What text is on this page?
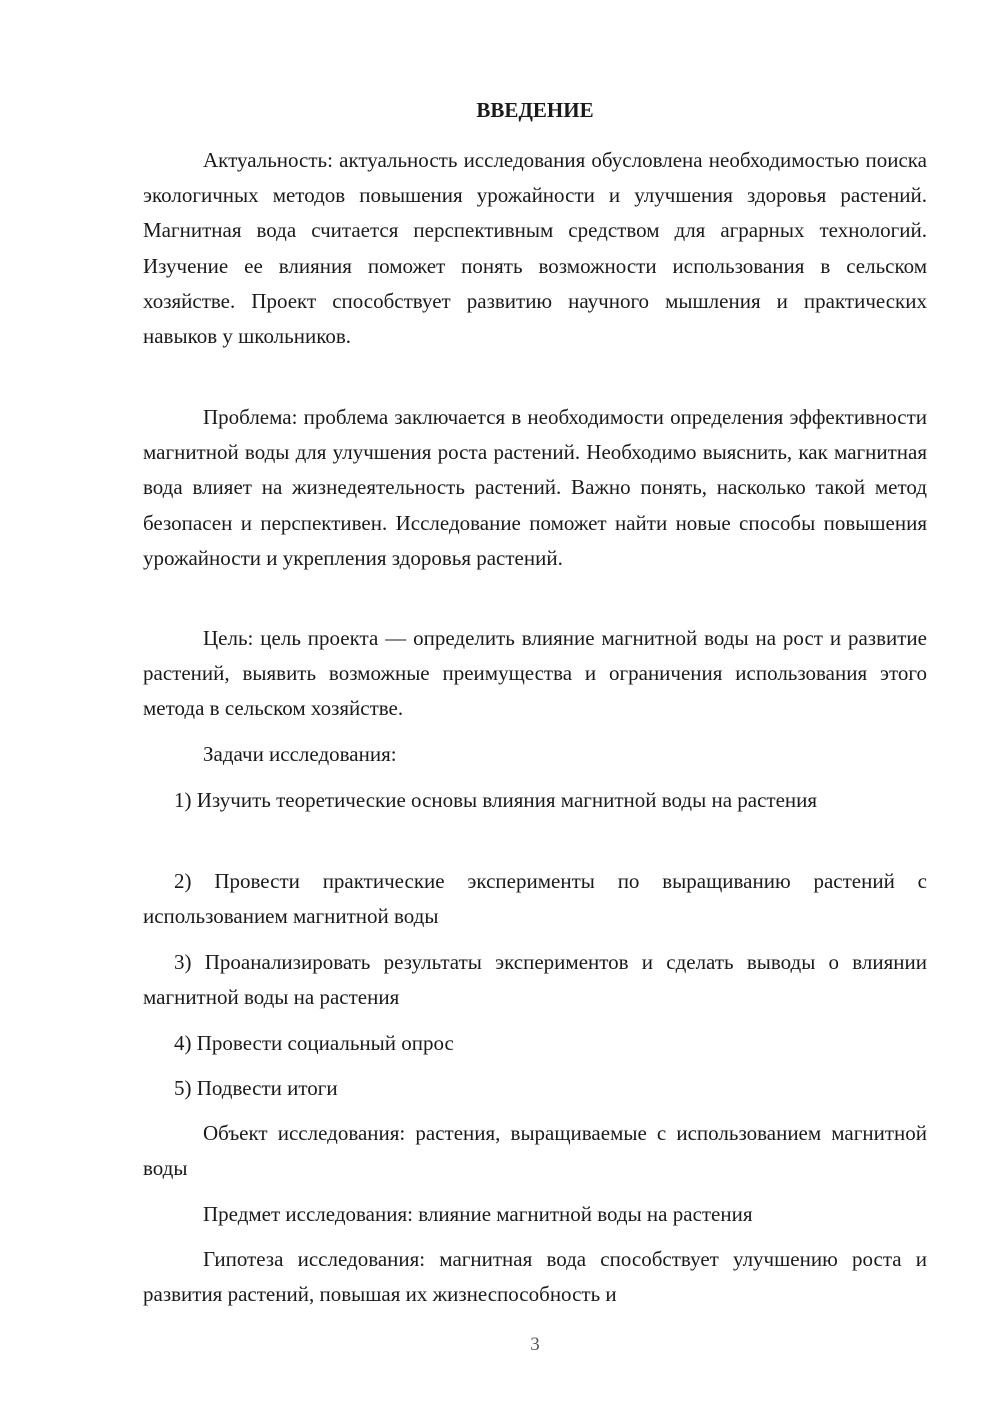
ВВЕДЕНИЕ

Актуальность: актуальность исследования обусловлена необходимостью поиска экологичных методов повышения урожайности и улучшения здоровья растений. Магнитная вода считается перспективным средством для аграрных технологий. Изучение ее влияния поможет понять возможности использования в сельском хозяйстве. Проект способствует развитию научного мышления и практических навыков у школьников.

Проблема: проблема заключается в необходимости определения эффективности магнитной воды для улучшения роста растений. Необходимо выяснить, как магнитная вода влияет на жизнедеятельность растений. Важно понять, насколько такой метод безопасен и перспективен. Исследование поможет найти новые способы повышения урожайности и укрепления здоровья растений.

Цель: цель проекта — определить влияние магнитной воды на рост и развитие растений, выявить возможные преимущества и ограничения использования этого метода в сельском хозяйстве.

Задачи исследования:

1) Изучить теоретические основы влияния магнитной воды на растения

2) Провести практические эксперименты по выращиванию растений с использованием магнитной воды

3) Проанализировать результаты экспериментов и сделать выводы о влиянии магнитной воды на растения

4) Провести социальный опрос

5) Подвести итоги

Объект исследования: растения, выращиваемые с использованием магнитной воды

Предмет исследования: влияние магнитной воды на растения

Гипотеза исследования: магнитная вода способствует улучшению роста и развития растений, повышая их жизнеспособность и

3
